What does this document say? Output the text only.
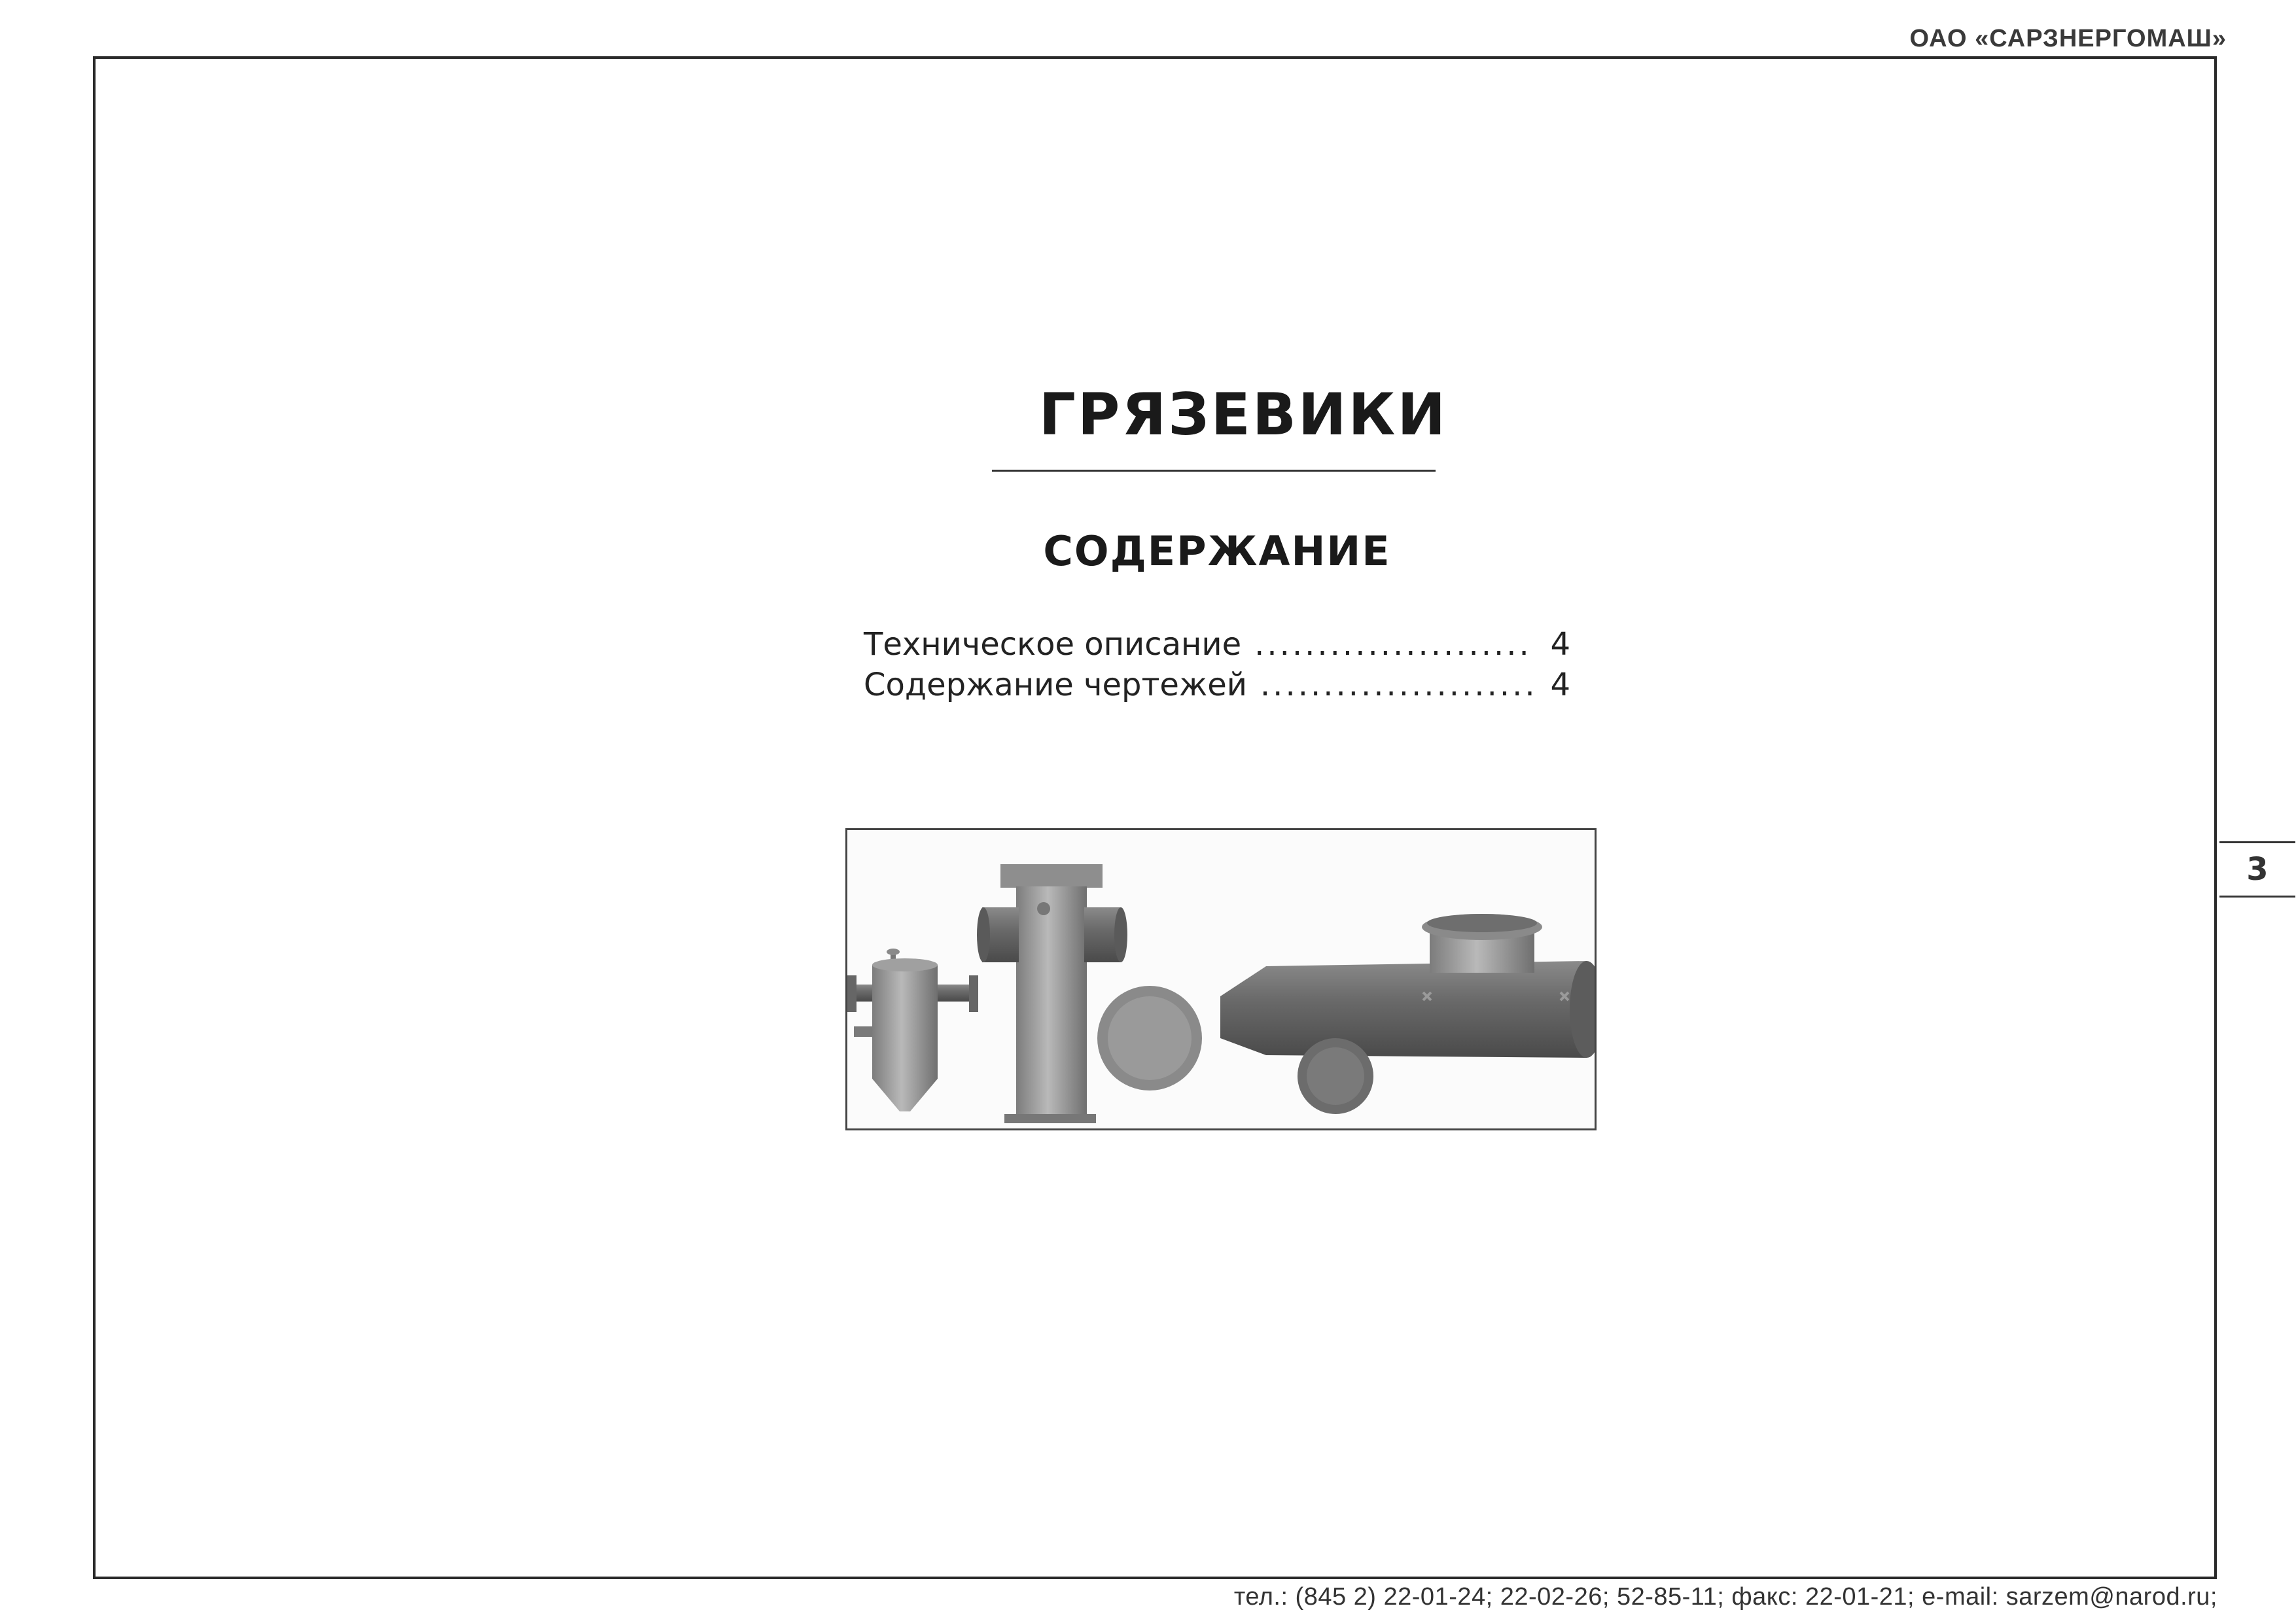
ОАО «САРЗНЕРГОМАШ»
ГРЯЗЕВИКИ
СОДЕРЖАНИЕ
Техническое описание ...................... 4
Содержание чертежей ...................... 4
3
тел.: (845 2) 22-01-24; 22-02-26; 52-85-11; факс: 22-01-21; e-mail: sarzem@narod.ru;
